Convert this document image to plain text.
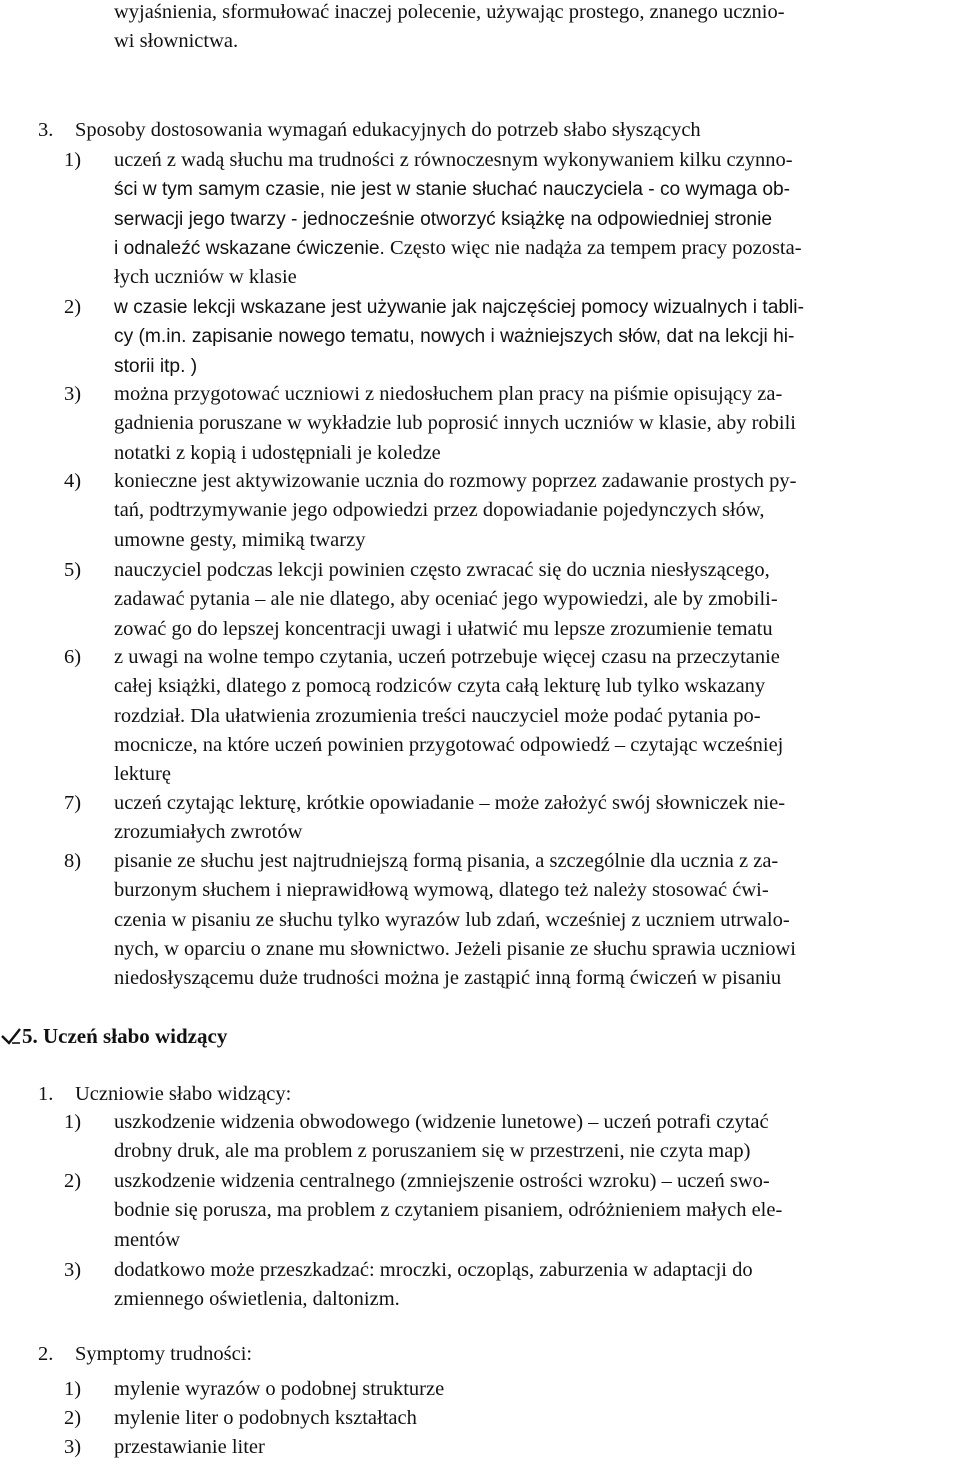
wyjaśnienia, sformułować inaczej polecenie, używając prostego, znanego ucznio-
wi słownictwa.
3. Sposoby dostosowania wymagań edukacyjnych do potrzeb słabo słyszących
1)	uczeń z wadą słuchu ma trudności z równoczesnym wykonywaniem kilku czynno-
ści w tym samym czasie, nie jest w stanie słuchać nauczyciela - co wymaga ob-
serwacji jego twarzy - jednocześnie otworzyć książkę na odpowiedniej stronie
i odnaleźć wskazane ćwiczenie. Często więc nie nadąża za tempem pracy pozosta-
łych uczniów w klasie
2)	w czasie lekcji wskazane jest używanie jak najczęściej pomocy wizualnych i tabli-
cy (m.in. zapisanie nowego tematu, nowych i ważniejszych słów, dat na lekcji hi-
storii itp. )
3)	można przygotować uczniowi z niedosłuchem plan pracy na piśmie opisujący za-
gadnienia poruszane w wykładzie lub poprosić innych uczniów w klasie, aby robili
notatki z kopią i udostępniali je koledze
4)	konieczne jest aktywizowanie ucznia do rozmowy poprzez zadawanie prostych py-
tań, podtrzymywanie jego odpowiedzi przez dopowiadanie pojedynczych słów,
umowne gesty, mimiką twarzy
5)	nauczyciel podczas lekcji powinien często zwracać się do ucznia niesłyszącego,
zadawać pytania – ale nie dlatego, aby oceniać jego wypowiedzi, ale by zmobili-
zować go do lepszej koncentracji uwagi i ułatwić mu lepsze zrozumienie tematu
6)	z uwagi na wolne tempo czytania, uczeń potrzebuje więcej czasu na przeczytanie
całej książki, dlatego z pomocą rodziców czyta całą lekturę lub tylko wskazany
rozdział. Dla ułatwienia zrozumienia treści nauczyciel może podać pytania po-
mocnicze, na które uczeń powinien przygotować odpowiedź – czytając wcześniej
lekturę
7)	uczeń czytając lekturę, krótkie opowiadanie – może założyć swój słowniczek nie-
zrozumiałych zwrotów
8)	pisanie ze słuchu jest najtrudniejszą formą pisania, a szczególnie dla ucznia z za-
burzonym słuchem i nieprawidłową wymową, dlatego też należy stosować ćwi-
czenia w pisaniu ze słuchu tylko wyrazów lub zdań, wcześniej z uczniem utrwalo-
nych, w oparciu o znane mu słownictwo. Jeżeli pisanie ze słuchu sprawia uczniowi
niedosłyszącemu duże trudności można je zastąpić inną formą ćwiczeń w pisaniu
5. Uczeń słabo widzący
1. Uczniowie słabo widzący:
1)	uszkodzenie widzenia obwodowego (widzenie lunetowe) – uczeń potrafi czytać
drobny druk, ale ma problem z poruszaniem się w przestrzeni, nie czyta map)
2)	uszkodzenie widzenia centralnego (zmniejszenie ostrości wzroku) – uczeń swo-
bodnie się porusza, ma problem z czytaniem pisaniem, odróżnieniem małych ele-
mentów
3)	dodatkowo może przeszkadzać: mroczki, oczopląs, zaburzenia w adaptacji do
zmiennego oświetlenia, daltonizm.
2. Symptomy trudności:
1)	mylenie wyrazów o podobnej strukturze
2)	mylenie liter o podobnych kształtach
3)	przestawianie liter
